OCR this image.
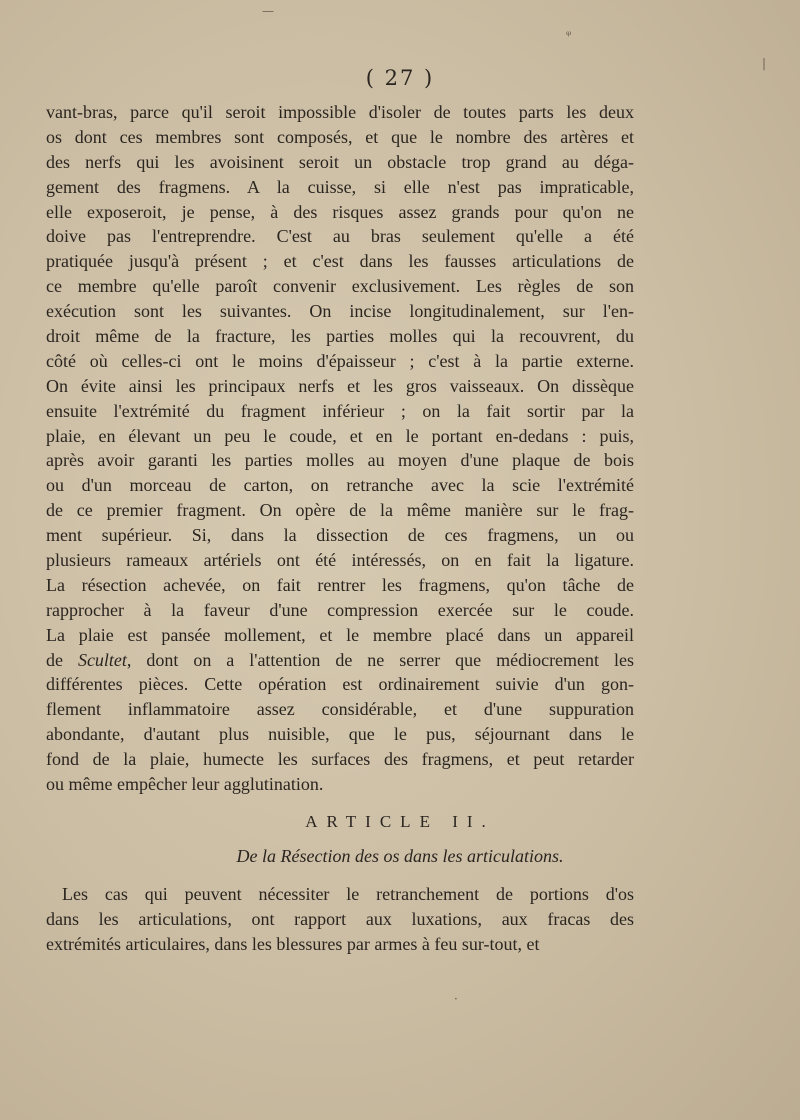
( 27 )
vant-bras, parce qu'il seroit impossible d'isoler de toutes parts les deux
os dont ces membres sont composés, et que le nombre des artères et
des nerfs qui les avoisinent seroit un obstacle trop grand au déga-
gement des fragmens. A la cuisse, si elle n'est pas impraticable,
elle exposeroit, je pense, à des risques assez grands pour qu'on ne
doive pas l'entreprendre. C'est au bras seulement qu'elle a été
pratiquée jusqu'à présent ; et c'est dans les fausses articulations de
ce membre qu'elle paroît convenir exclusivement. Les règles de son
exécution sont les suivantes. On incise longitudinalement, sur l'en-
droit même de la fracture, les parties molles qui la recouvrent, du
côté où celles-ci ont le moins d'épaisseur ; c'est à la partie externe.
On évite ainsi les principaux nerfs et les gros vaisseaux. On dissèque
ensuite l'extrémité du fragment inférieur ; on la fait sortir par la
plaie, en élevant un peu le coude, et en le portant en-dedans : puis,
après avoir garanti les parties molles au moyen d'une plaque de bois
ou d'un morceau de carton, on retranche avec la scie l'extrémité
de ce premier fragment. On opère de la même manière sur le frag-
ment supérieur. Si, dans la dissection de ces fragmens, un ou
plusieurs rameaux artériels ont été intéressés, on en fait la ligature.
La résection achevée, on fait rentrer les fragmens, qu'on tâche de
rapprocher à la faveur d'une compression exercée sur le coude.
La plaie est pansée mollement, et le membre placé dans un appareil
de Scultet, dont on a l'attention de ne serrer que médiocrement les
différentes pièces. Cette opération est ordinairement suivie d'un gon-
flement inflammatoire assez considérable, et d'une suppuration
abondante, d'autant plus nuisible, que le pus, séjournant dans le
fond de la plaie, humecte les surfaces des fragmens, et peut retarder
ou même empêcher leur agglutination.
ARTICLE II.
De la Résection des os dans les articulations.
Les cas qui peuvent nécessiter le retranchement de portions d'os
dans les articulations, ont rapport aux luxations, aux fracas des
extrémités articulaires, dans les blessures par armes à feu sur-tout, et
—
ᵩ
|
·
